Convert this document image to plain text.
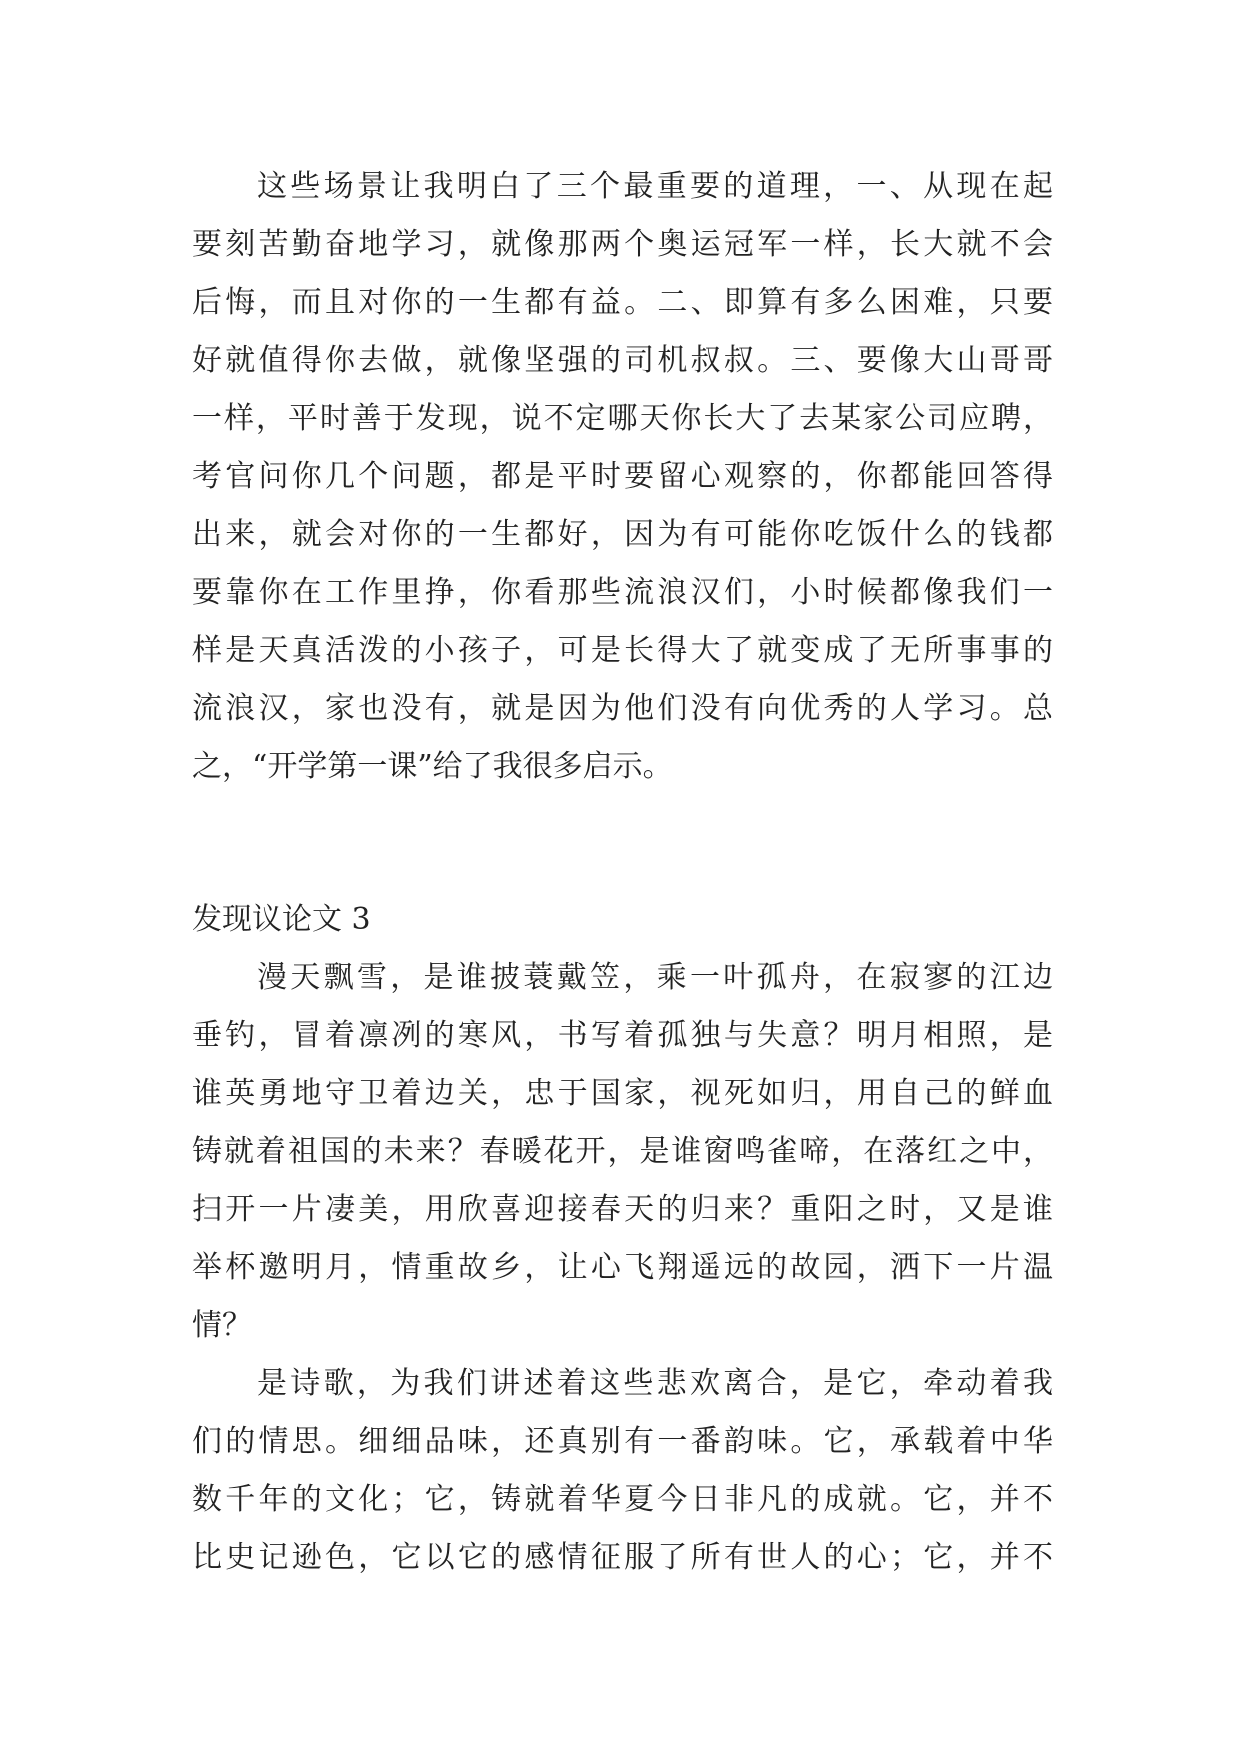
这些场景让我明白了三个最重要的道理，一、从现在起
要刻苦勤奋地学习，就像那两个奥运冠军一样，长大就不会
后悔，而且对你的一生都有益。二、即算有多么困难，只要
好就值得你去做，就像坚强的司机叔叔。三、要像大山哥哥
一样，平时善于发现，说不定哪天你长大了去某家公司应聘，
考官问你几个问题，都是平时要留心观察的，你都能回答得
出来，就会对你的一生都好，因为有可能你吃饭什么的钱都
要靠你在工作里挣，你看那些流浪汉们，小时候都像我们一
样是天真活泼的小孩子，可是长得大了就变成了无所事事的
流浪汉，家也没有，就是因为他们没有向优秀的人学习。总
之，“开学第一课”给了我很多启示。
发现议论文 3
漫天飘雪，是谁披蓑戴笠，乘一叶孤舟，在寂寥的江边
垂钓，冒着凛冽的寒风，书写着孤独与失意？明月相照，是
谁英勇地守卫着边关，忠于国家，视死如归，用自己的鲜血
铸就着祖国的未来？春暖花开，是谁窗鸣雀啼，在落红之中，
扫开一片凄美，用欣喜迎接春天的归来？重阳之时，又是谁
举杯邀明月，情重故乡，让心飞翔遥远的故园，洒下一片温
情？
是诗歌，为我们讲述着这些悲欢离合，是它，牵动着我
们的情思。细细品味，还真别有一番韵味。它，承载着中华
数千年的文化；它，铸就着华夏今日非凡的成就。它，并不
比史记逊色，它以它的感情征服了所有世人的心；它，并不
